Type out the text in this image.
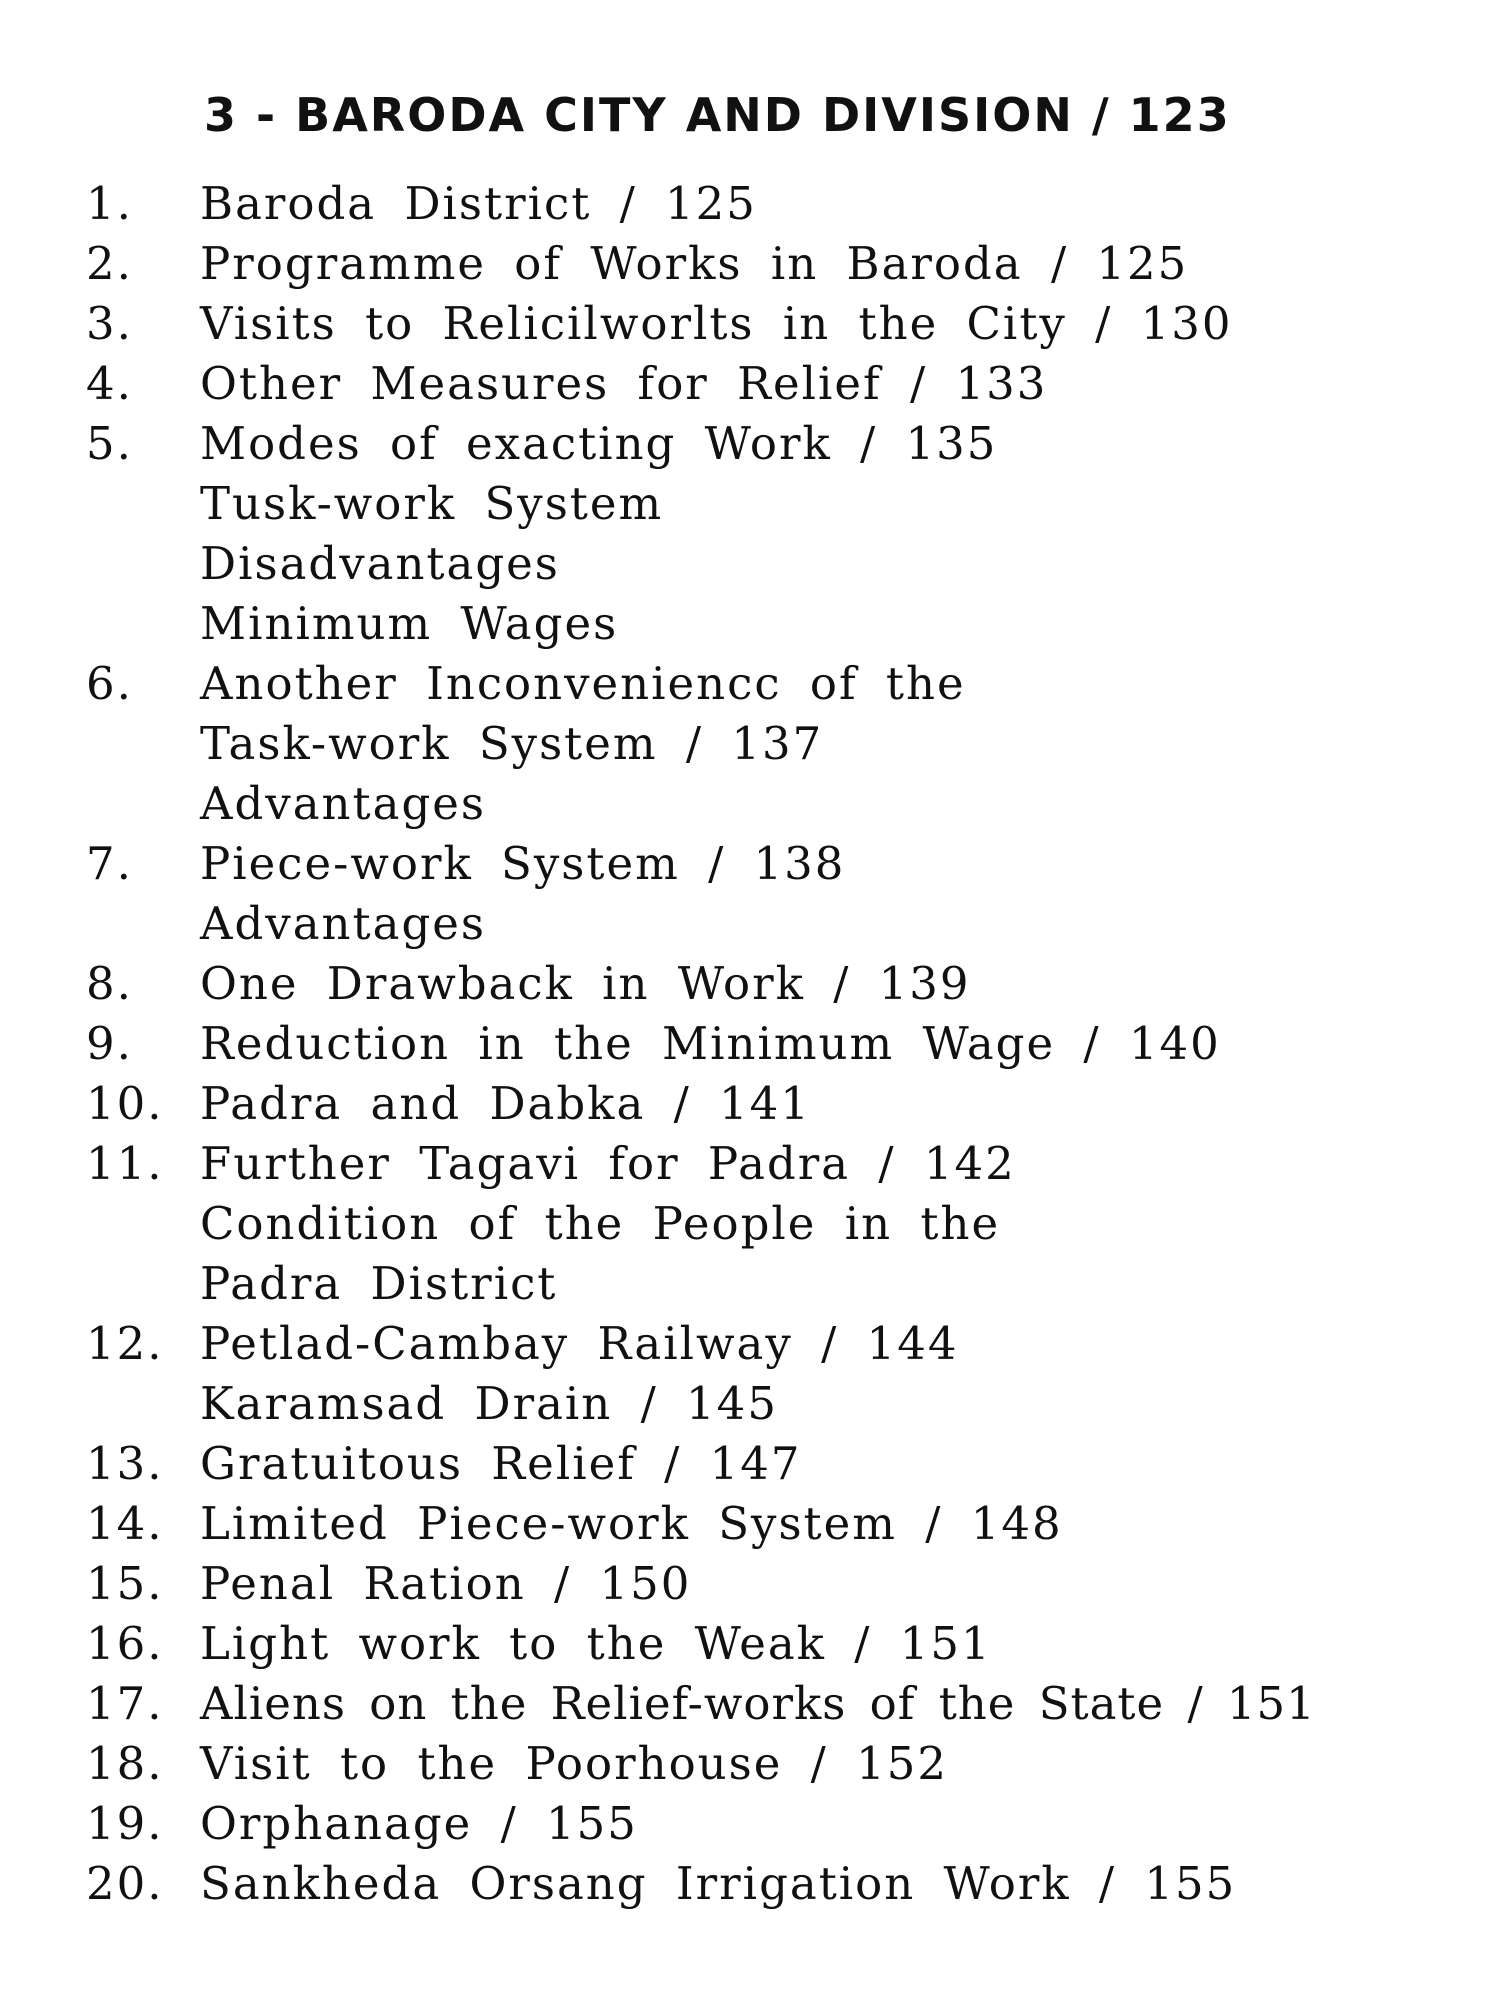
3 - BARODA CITY AND DIVISION / 123
1. Baroda District / 125
2. Programme of Works in Baroda / 125
3. Visits to Relicilworlts in the City / 130
4. Other Measures for Relief / 133
5. Modes of exacting Work / 135
Tusk-work System
Disadvantages
Minimum Wages
6. Another Inconveniencc of the
Task-work System / 137
Advantages
7. Piece-work System / 138
Advantages
8. One Drawback in Work / 139
9. Reduction in the Minimum Wage / 140
10. Padra and Dabka / 141
11. Further Tagavi for Padra / 142
Condition of the People in the
Padra District
12. Petlad-Cambay Railway / 144
Karamsad Drain / 145
13. Gratuitous Relief / 147
14. Limited Piece-work System / 148
15. Penal Ration / 150
16. Light work to the Weak / 151
17. Aliens on the Relief-works of the State / 151
18. Visit to the Poorhouse / 152
19. Orphanage / 155
20. Sankheda Orsang Irrigation Work / 155
